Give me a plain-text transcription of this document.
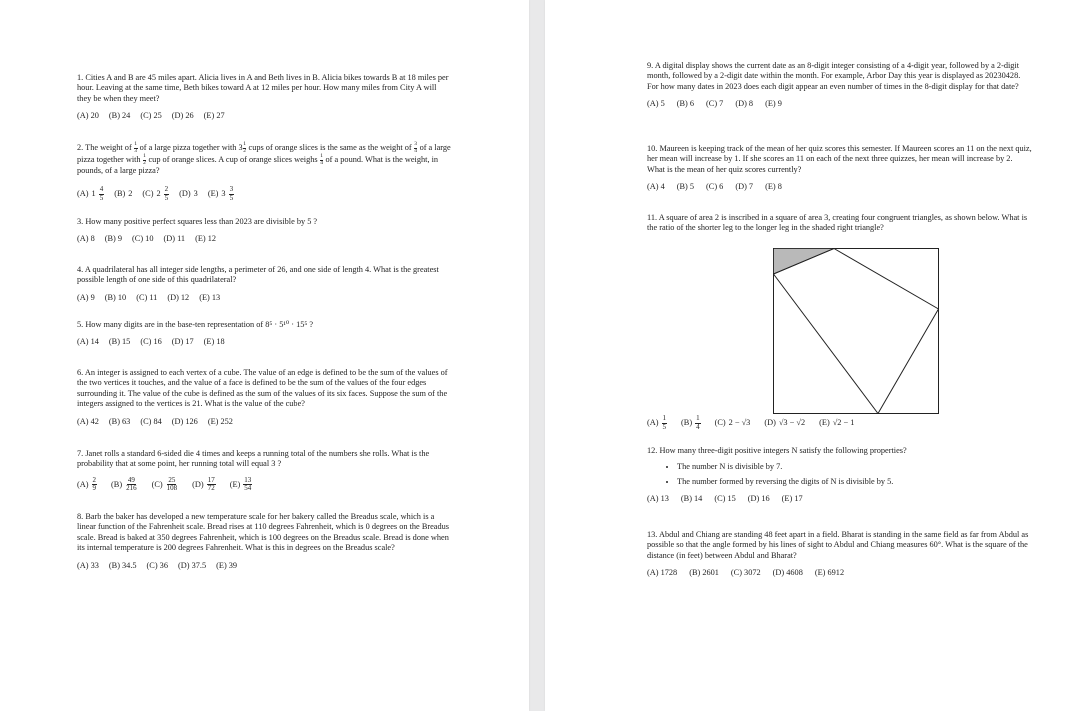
1. Cities A and B are 45 miles apart. Alicia lives in A and Beth lives in B. Alicia bikes towards B at 18 miles per hour. Leaving at the same time, Beth bikes toward A at 12 miles per hour. How many miles from City A will they be when they meet?

(A) 20 (B) 24 (C) 25 (D) 26 (E) 27

2. The weight of $\frac{1}{3}$ of a large pizza together with $3 \frac{1}{2}$ cups of orange slices is the same as the weight of $\frac{3}{4}$ of a large pizza together with $\frac{1}{2}$ cup of orange slices. A cup of orange slices weighs $\frac{1}{4}$ of a pound. What is the weight, in pounds, of a large pizza?

(A) $1 \frac{4}{5} (B)$ 2 (C) $2 \frac{2}{5} (D)$ 3 (E) $3 \frac{3}{5}$

3. How many positive perfect squares less than 2023 are divisible by 5 ?

(A) 8 (B) 9 (C) 10 (D) 11 (E) 12

4. A quadrilateral has all integer side lengths, a perimeter of 26, and one side of length 4. What is the greatest possible length of one side of this quadrilateral?

(A) 9 (B) 10 (C) 11 (D) 12 (E) 13

5. How many digits are in the base-ten representation of 8⁵ · 5¹⁰ · 15⁵ ?

(A) 14 (B) 15 (C) 16 (D) 17 (E) 18

6. An integer is assigned to each vertex of a cube. The value of an edge is defined to be the sum of the values of the two vertices it touches, and the value of a face is defined to be the sum of the values of the four edges surrounding it. The value of the cube is defined as the sum of the values of its six faces. Suppose the sum of the integers assigned to the vertices is 21. What is the value of the cube?

(A) 42 (B) 63 (C) 84 (D) 126 (E) 252

7. Janet rolls a standard 6-sided die 4 times and keeps a running total of the numbers she rolls. What is the probability that at some point, her running total will equal 3 ?

$(A) \frac{2}{9} (B) \frac{49}{216} (C) \frac{25}{108} (D) \frac{17}{72} (E) \frac{13}{54}$

8. Barb the baker has developed a new temperature scale for her bakery called the Breadus scale, which is a linear function of the Fahrenheit scale. Bread rises at 110 degrees Fahrenheit, which is 0 degrees on the Breadus scale. Bread is baked at 350 degrees Fahrenheit, which is 100 degrees on the Breadus scale. Bread is done when its internal temperature is 200 degrees Fahrenheit. What is this in degrees on the Breadus scale?

(A) 33 (B) 34.5 (C) 36 (D) 37.5 (E) 39

9. A digital display shows the current date as an 8-digit integer consisting of a 4-digit year, followed by a 2-digit month, followed by a 2-digit date within the month. For example, Arbor Day this year is displayed as 20230428. For how many dates in 2023 does each digit appear an even number of times in the 8-digit display for that date?

(A) 5 (B) 6 (C) 7 (D) 8 (E) 9

10. Maureen is keeping track of the mean of her quiz scores this semester. If Maureen scores an 11 on the next quiz, her mean will increase by 1. If she scores an 11 on each of the next three quizzes, her mean will increase by 2. What is the mean of her quiz scores currently?

(A) 4 (B) 5 (C) 6 (D) 7 (E) 8

11. A square of area 2 is inscribed in a square of area 3, creating four congruent triangles, as shown below. What is the ratio of the shorter leg to the longer leg in the shaded right triangle?

$(A) \frac{1}{5} (B) \frac{1}{4} (C) 2 - √3$ (D) √3 − √2 (E) √2 − 1

12. How many three-digit positive integers N satisfy the following properties?

• The number N is divisible by 7.
• The number formed by reversing the digits of N is divisible by 5.
(A) 13 (B) 14 (C) 15 (D) 16 (E) 17

13. Abdul and Chiang are standing 48 feet apart in a field. Bharat is standing in the same field as far from Abdul as possible so that the angle formed by his lines of sight to Abdul and Chiang measures 60°. What is the square of the distance (in feet) between Abdul and Bharat?

(A) 1728 (B) 2601 (C) 3072 (D) 4608 (E) 6912
